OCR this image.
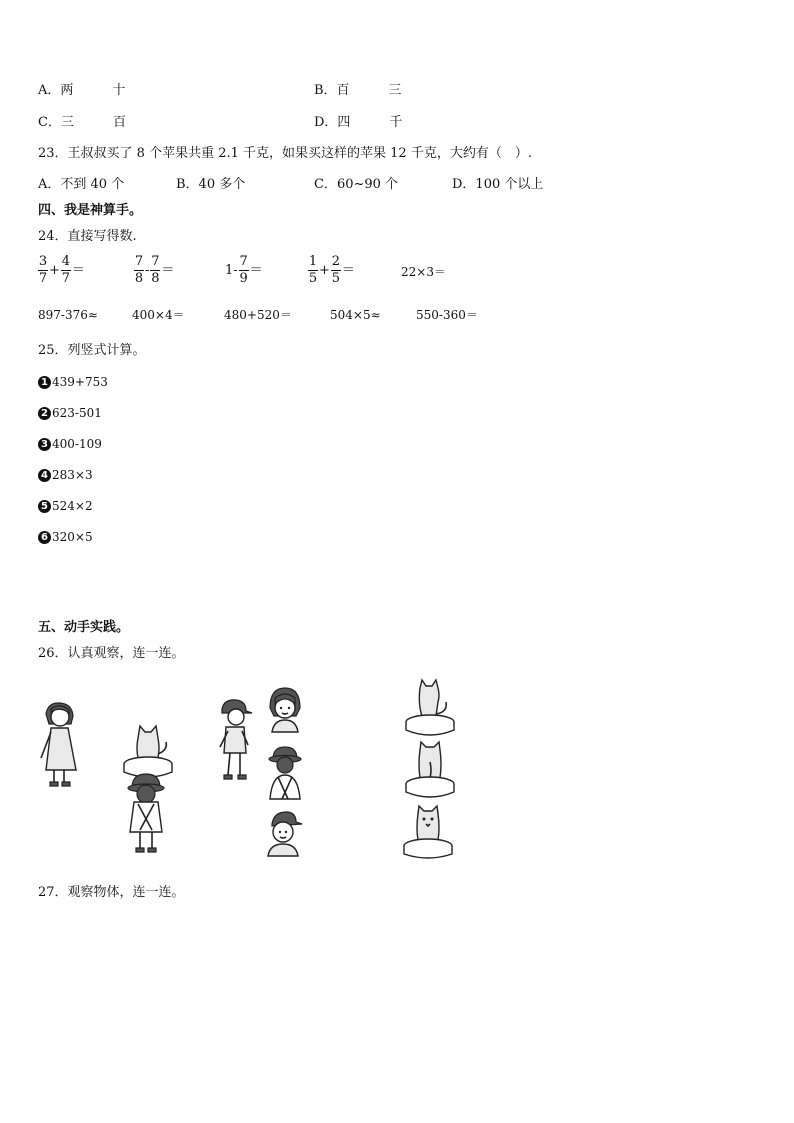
A．两　　　十	B．百　　　三
C．三　　　百	D．四　　　千
23．王叔叔买了 8 个苹果共重 2.1 千克，如果买这样的苹果 12 千克，大约有（　）.
A．不到 40 个	B．40 多个	C．60~90 个	D．100 个以上
四、我是神算手。
24．直接写得数.
$\frac{3}{7} + \frac{4}{7}$ ＝	$\frac{7}{8} - \frac{7}{8}$ ＝	$1- \frac{7}{9}$ ＝	$\frac{1}{5} + \frac{2}{5}$ ＝	22×3＝
897-376≈	400×4＝	480+520＝	504×5≈	550-360＝
25．列竖式计算。
1 439+753
2 623-501
3 400-109
4 283×3
5 524×2
6 320×5
五、动手实践。
26．认真观察，连一连。
27．观察物体，连一连。
